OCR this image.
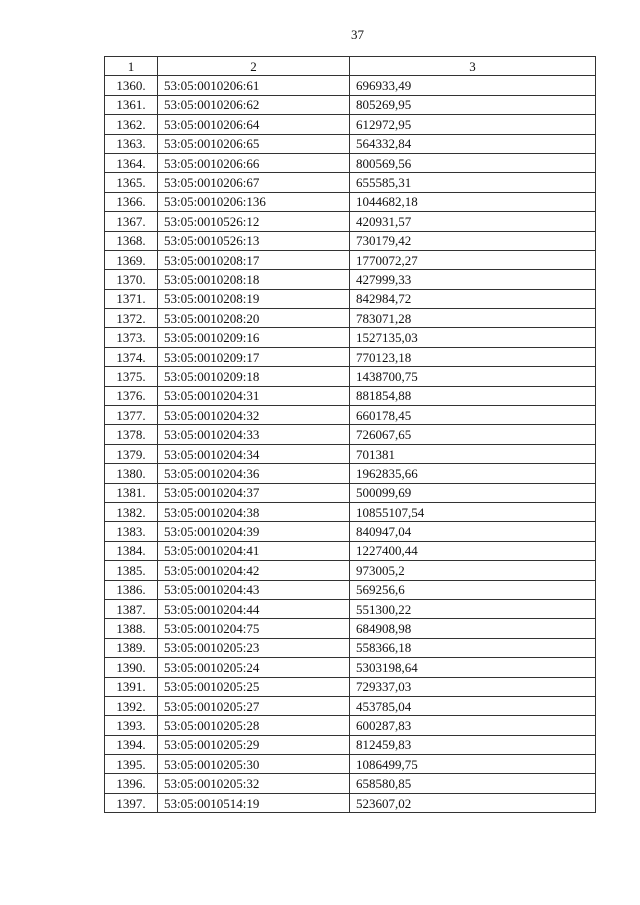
37
1	2	3
1360.	53:05:0010206:61	696933,49
1361.	53:05:0010206:62	805269,95
1362.	53:05:0010206:64	612972,95
1363.	53:05:0010206:65	564332,84
1364.	53:05:0010206:66	800569,56
1365.	53:05:0010206:67	655585,31
1366.	53:05:0010206:136	1044682,18
1367.	53:05:0010526:12	420931,57
1368.	53:05:0010526:13	730179,42
1369.	53:05:0010208:17	1770072,27
1370.	53:05:0010208:18	427999,33
1371.	53:05:0010208:19	842984,72
1372.	53:05:0010208:20	783071,28
1373.	53:05:0010209:16	1527135,03
1374.	53:05:0010209:17	770123,18
1375.	53:05:0010209:18	1438700,75
1376.	53:05:0010204:31	881854,88
1377.	53:05:0010204:32	660178,45
1378.	53:05:0010204:33	726067,65
1379.	53:05:0010204:34	701381
1380.	53:05:0010204:36	1962835,66
1381.	53:05:0010204:37	500099,69
1382.	53:05:0010204:38	10855107,54
1383.	53:05:0010204:39	840947,04
1384.	53:05:0010204:41	1227400,44
1385.	53:05:0010204:42	973005,2
1386.	53:05:0010204:43	569256,6
1387.	53:05:0010204:44	551300,22
1388.	53:05:0010204:75	684908,98
1389.	53:05:0010205:23	558366,18
1390.	53:05:0010205:24	5303198,64
1391.	53:05:0010205:25	729337,03
1392.	53:05:0010205:27	453785,04
1393.	53:05:0010205:28	600287,83
1394.	53:05:0010205:29	812459,83
1395.	53:05:0010205:30	1086499,75
1396.	53:05:0010205:32	658580,85
1397.	53:05:0010514:19	523607,02
